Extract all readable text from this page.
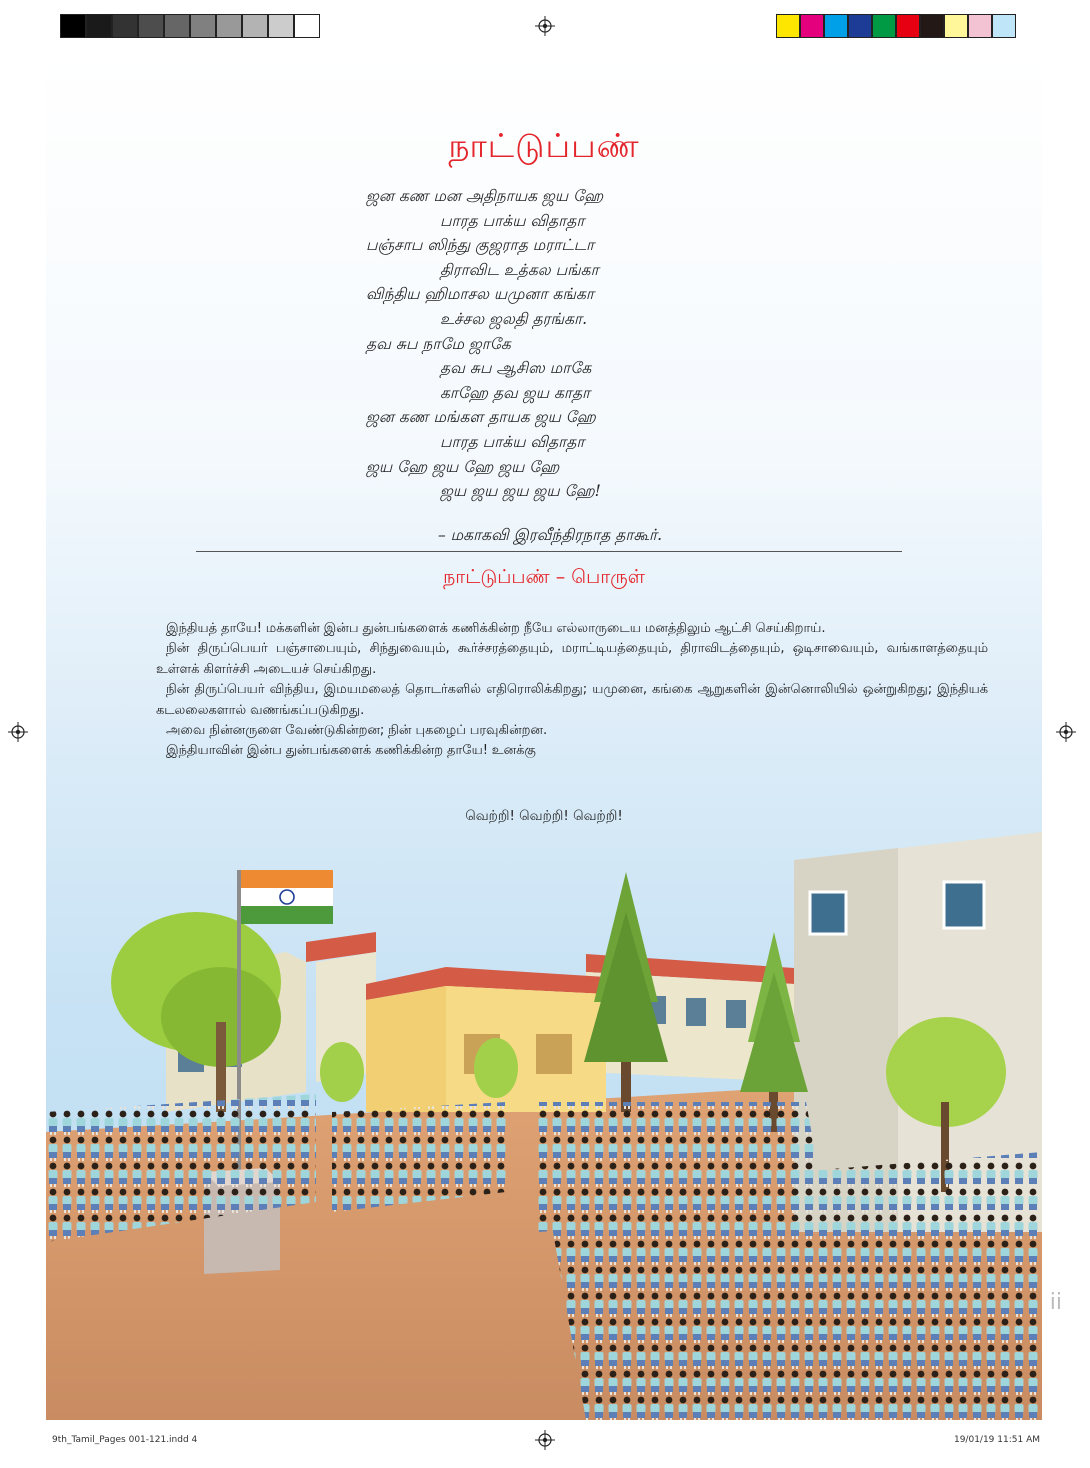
நாட்டுப்பண்
ஜன கண மன அதிநாயக ஜய ஹே
பாரத பாக்ய விதாதா
பஞ்சாப ஸிந்து குஜராத மராட்டா
திராவிட உத்கல பங்கா
விந்திய ஹிமாசல யமுனா கங்கா
உச்சல ஜலதி தரங்கா.
தவ சுப நாமே ஜாகே
தவ சுப ஆசிஸ மாகே
காஹே தவ ஜய காதா
ஜன கண மங்கள தாயக ஜய ஹே
பாரத பாக்ய விதாதா
ஜய ஹே ஜய ஹே ஜய ஹே
ஜய ஜய ஜய ஜய ஹே!
– மகாகவி இரவீந்திரநாத தாகூர்.
நாட்டுப்பண் – பொருள்

இந்தியத் தாயே! மக்களின் இன்ப துன்பங்களைக் கணிக்கின்ற நீயே எல்லாருடைய மனத்திலும் ஆட்சி செய்கிறாய்.

நின் திருப்பெயர் பஞ்சாபையும், சிந்துவையும், கூர்ச்சரத்தையும், மராட்டியத்தையும், திராவிடத்தையும், ஒடிசாவையும், வங்காளத்தையும் உள்ளக் கிளர்ச்சி அடையச் செய்கிறது.

நின் திருப்பெயர் விந்திய, இமயமலைத் தொடர்களில் எதிரொலிக்கிறது; யமுனை, கங்கை ஆறுகளின் இன்னொலியில் ஒன்றுகிறது; இந்தியக் கடலலைகளால் வணங்கப்படுகிறது.

அவை நின்னருளை வேண்டுகின்றன; நின் புகழைப் பரவுகின்றன.

இந்தியாவின் இன்ப துன்பங்களைக் கணிக்கின்ற தாயே! உனக்கு

வெற்றி! வெற்றி! வெற்றி!
ii
9th_Tamil_Pages 001-121.indd 4	19/01/19 11:51 AM
